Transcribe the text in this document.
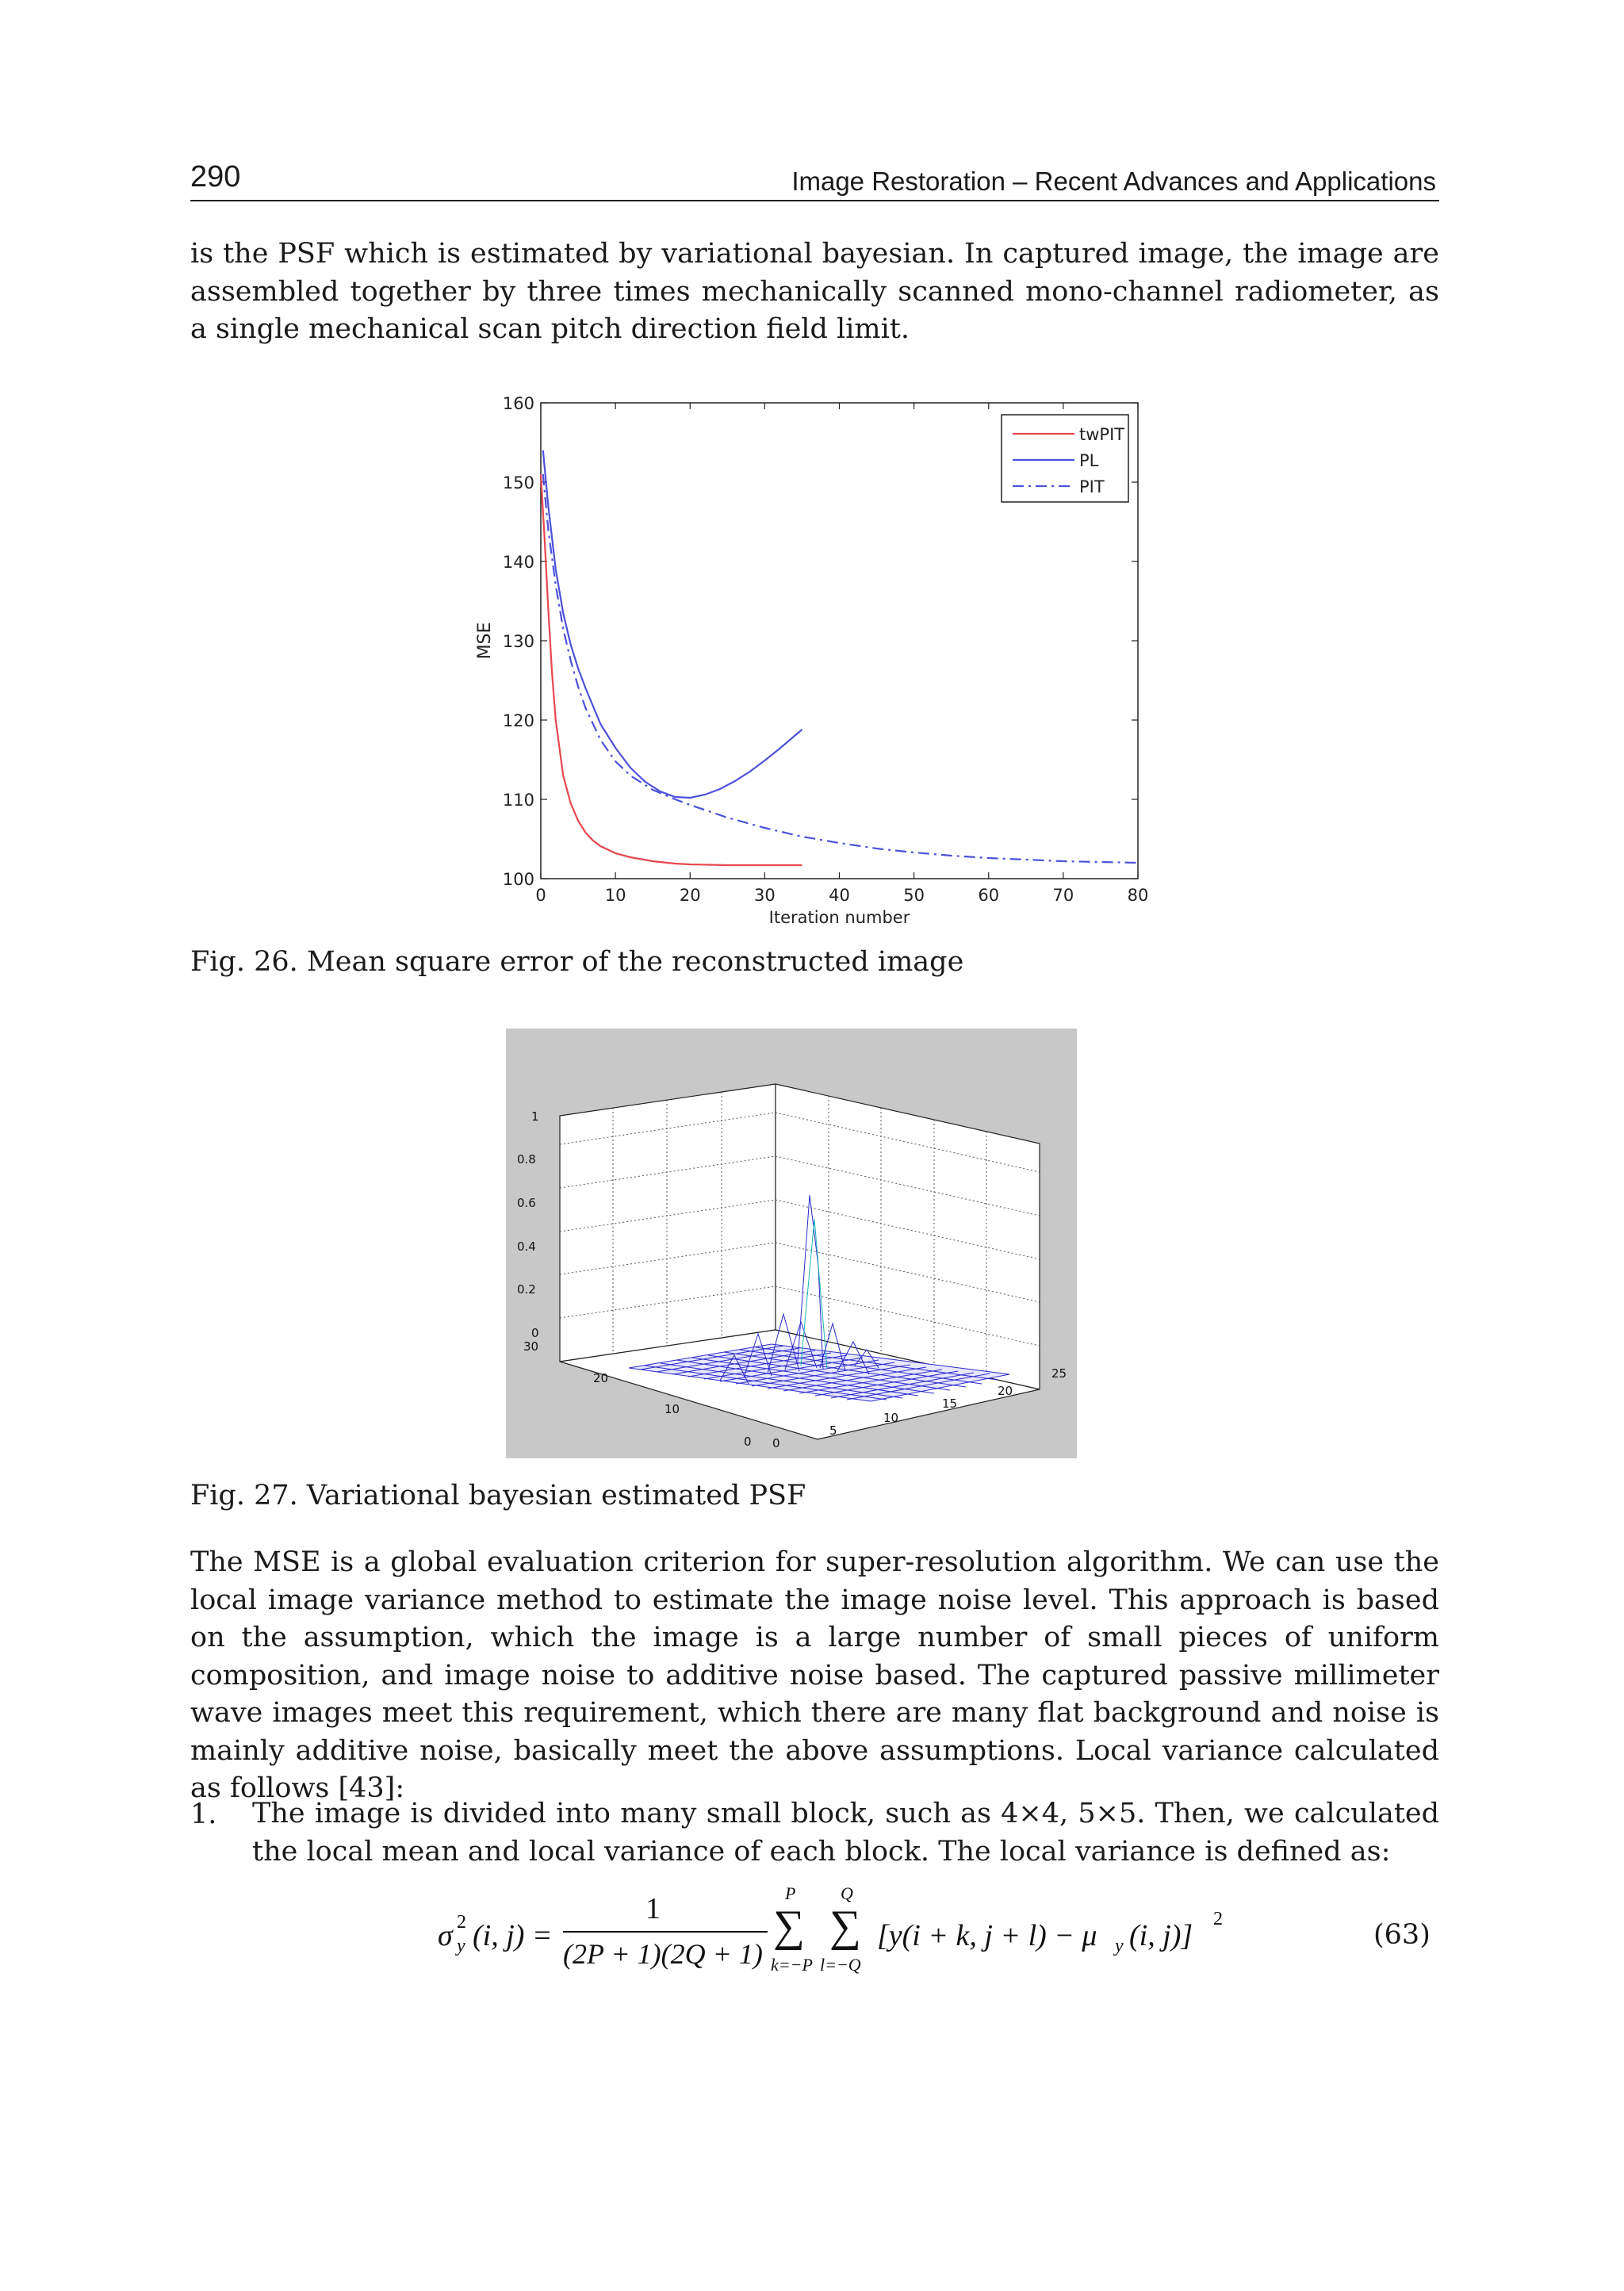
290	Image Restoration – Recent Advances and Applications

is the PSF which is estimated by variational bayesian. In captured image, the image are assembled together by three times mechanically scanned mono-channel radiometer, as a single mechanical scan pitch direction field limit.

0	10	20	30	40	50	60	70	80
100
110
120
130
140
150
160
Iteration number
MSE
twPIT
PL
PIT

Fig. 26. Mean square error of the reconstructed image

1
0.8
0.6
0.4
0.2
0
30
20
10
0 0
5
10
15
20
25

Fig. 27. Variational bayesian estimated PSF

The MSE is a global evaluation criterion for super-resolution algorithm. We can use the local image variance method to estimate the image noise level. This approach is based on the assumption, which the image is a large number of small pieces of uniform composition, and image noise to additive noise based. The captured passive millimeter wave images meet this requirement, which there are many flat background and noise is mainly additive noise, basically meet the above assumptions. Local variance calculated as follows [43]:

1. The image is divided into many small block, such as 4×4, 5×5. Then, we calculated the local mean and local variance of each block. The local variance is defined as:

σ 2
y (i, j) =
1
(2P + 1)(2Q + 1)
P
∑
k=−P
Q
∑
l=−Q
[y(i + k, j + l) − μ y (i, j)] 2	(63)
